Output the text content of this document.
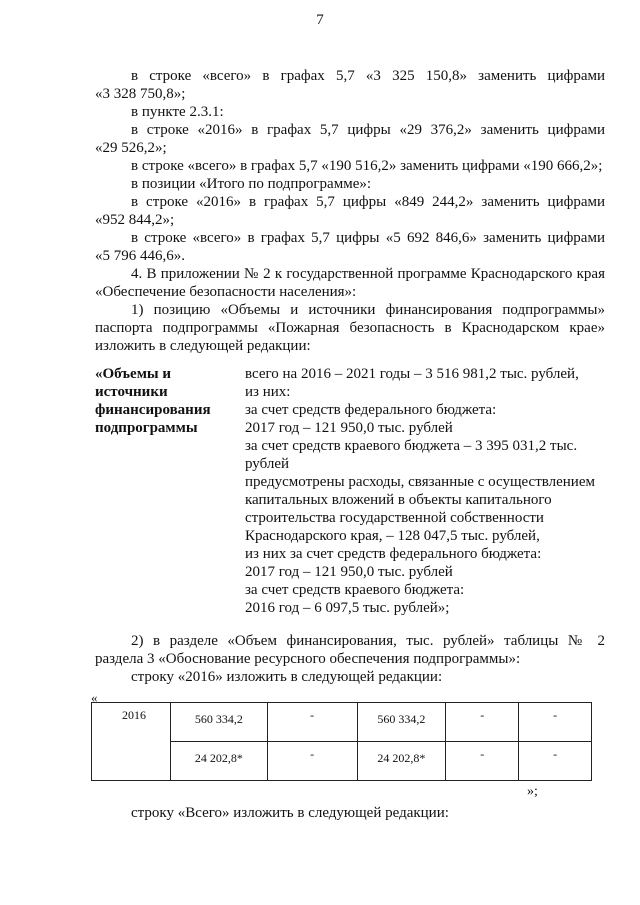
7
в строке «всего» в графах 5,7 «3 325 150,8» заменить цифрами
«3 328 750,8»;
в пункте 2.3.1:
в строке «2016» в графах 5,7 цифры «29 376,2» заменить цифрами
«29 526,2»;
в строке «всего» в графах 5,7 «190 516,2» заменить цифрами «190 666,2»;
в позиции «Итого по подпрограмме»:
в строке «2016» в графах 5,7 цифры «849 244,2» заменить цифрами
«952 844,2»;
в строке «всего» в графах 5,7 цифры «5 692 846,6» заменить цифрами
«5 796 446,6».
4. В приложении № 2 к государственной программе Краснодарского края
«Обеспечение безопасности населения»:
1) позицию «Объемы и источники финансирования подпрограммы»
паспорта подпрограммы «Пожарная безопасность в Краснодарском крае»
изложить в следующей редакции:
«Объемы и
источники
финансирования
подпрограммы
всего на 2016 – 2021 годы – 3 516 981,2 тыс. рублей,
из них:
за счет средств федерального бюджета:
2017 год – 121 950,0 тыс. рублей
за счет средств краевого бюджета – 3 395 031,2 тыс.
рублей
предусмотрены расходы, связанные с осуществлением
капитальных вложений в объекты капитального
строительства государственной собственности
Краснодарского края, – 128 047,5 тыс. рублей,
из них за счет средств федерального бюджета:
2017 год – 121 950,0 тыс. рублей
за счет средств краевого бюджета:
2016 год – 6 097,5 тыс. рублей»;
2) в разделе «Объем финансирования, тыс. рублей» таблицы № 2
раздела 3 «Обоснование ресурсного обеспечения подпрограммы»:
строку «2016» изложить в следующей редакции:
«
2016	560 334,2	-	560 334,2	-	-

	24 202,8*	-	24 202,8*	-	-
»;
строку «Всего» изложить в следующей редакции:
